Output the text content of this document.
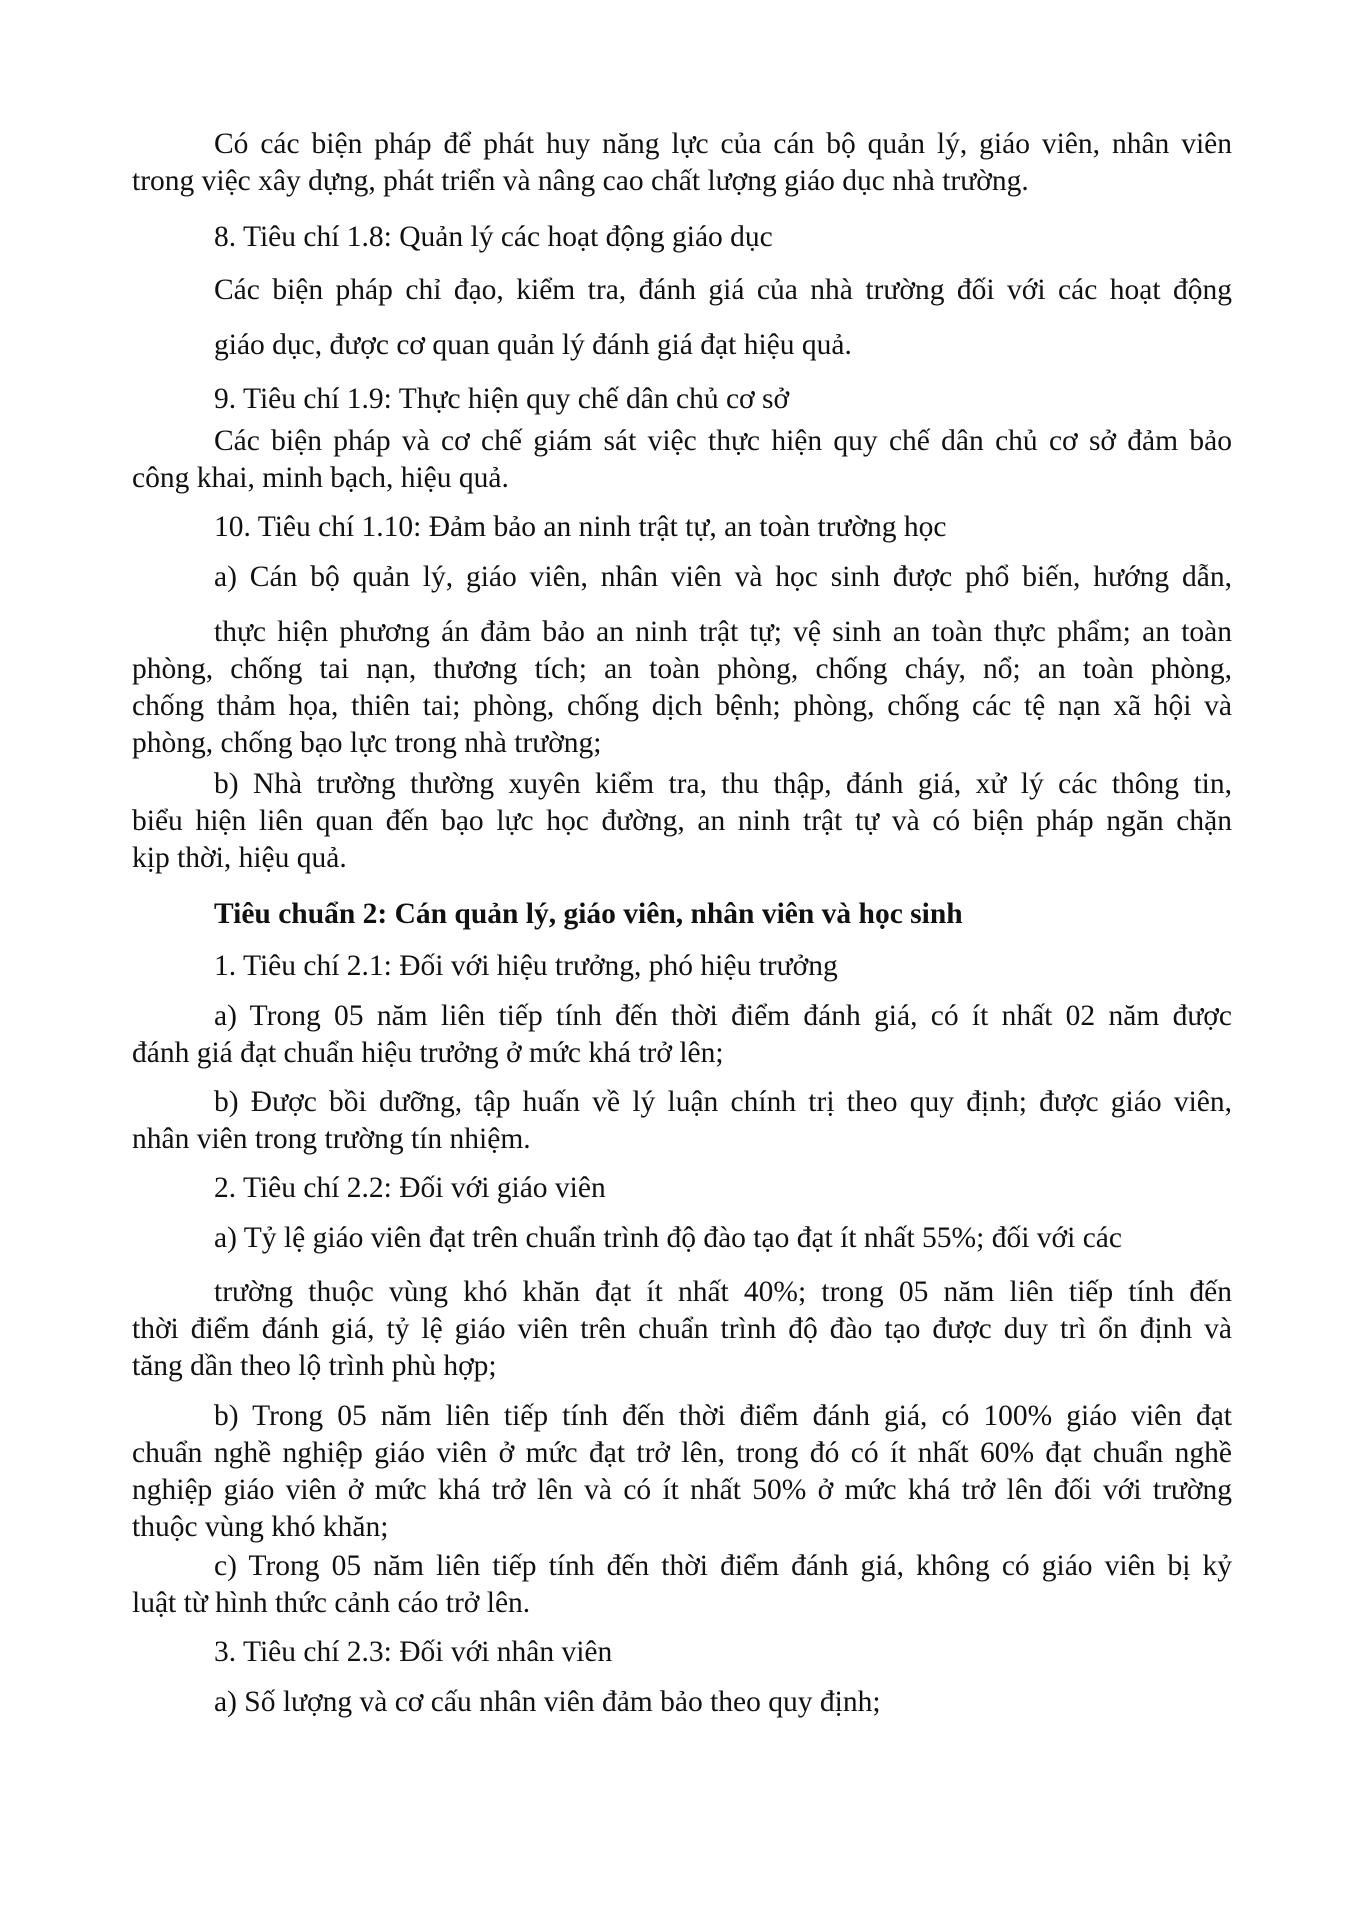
Có các biện pháp để phát huy năng lực của cán bộ quản lý, giáo viên, nhân viên
trong việc xây dựng, phát triển và nâng cao chất lượng giáo dục nhà trường.
8. Tiêu chí 1.8: Quản lý các hoạt động giáo dục
Các biện pháp chỉ đạo, kiểm tra, đánh giá của nhà trường đối với các hoạt động
giáo dục, được cơ quan quản lý đánh giá đạt hiệu quả.
9. Tiêu chí 1.9: Thực hiện quy chế dân chủ cơ sở
Các biện pháp và cơ chế giám sát việc thực hiện quy chế dân chủ cơ sở đảm bảo
công khai, minh bạch, hiệu quả.
10. Tiêu chí 1.10: Đảm bảo an ninh trật tự, an toàn trường học
a) Cán bộ quản lý, giáo viên, nhân viên và học sinh được phổ biến, hướng dẫn,
thực hiện phương án đảm bảo an ninh trật tự; vệ sinh an toàn thực phẩm; an toàn
phòng, chống tai nạn, thương tích; an toàn phòng, chống cháy, nổ; an toàn phòng,
chống thảm họa, thiên tai; phòng, chống dịch bệnh; phòng, chống các tệ nạn xã hội và
phòng, chống bạo lực trong nhà trường;
b) Nhà trường thường xuyên kiểm tra, thu thập, đánh giá, xử lý các thông tin,
biểu hiện liên quan đến bạo lực học đường, an ninh trật tự và có biện pháp ngăn chặn
kịp thời, hiệu quả.
Tiêu chuẩn 2: Cán quản lý, giáo viên, nhân viên và học sinh
1. Tiêu chí 2.1: Đối với hiệu trưởng, phó hiệu trưởng
a) Trong 05 năm liên tiếp tính đến thời điểm đánh giá, có ít nhất 02 năm được
đánh giá đạt chuẩn hiệu trưởng ở mức khá trở lên;
b) Được bồi dưỡng, tập huấn về lý luận chính trị theo quy định; được giáo viên,
nhân viên trong trường tín nhiệm.
2. Tiêu chí 2.2: Đối với giáo viên
a) Tỷ lệ giáo viên đạt trên chuẩn trình độ đào tạo đạt ít nhất 55%; đối với các
trường thuộc vùng khó khăn đạt ít nhất 40%; trong 05 năm liên tiếp tính đến
thời điểm đánh giá, tỷ lệ giáo viên trên chuẩn trình độ đào tạo được duy trì ổn định và
tăng dần theo lộ trình phù hợp;
b) Trong 05 năm liên tiếp tính đến thời điểm đánh giá, có 100% giáo viên đạt
chuẩn nghề nghiệp giáo viên ở mức đạt trở lên, trong đó có ít nhất 60% đạt chuẩn nghề
nghiệp giáo viên ở mức khá trở lên và có ít nhất 50% ở mức khá trở lên đối với trường
thuộc vùng khó khăn;
c) Trong 05 năm liên tiếp tính đến thời điểm đánh giá, không có giáo viên bị kỷ
luật từ hình thức cảnh cáo trở lên.
3. Tiêu chí 2.3: Đối với nhân viên
a) Số lượng và cơ cấu nhân viên đảm bảo theo quy định;
